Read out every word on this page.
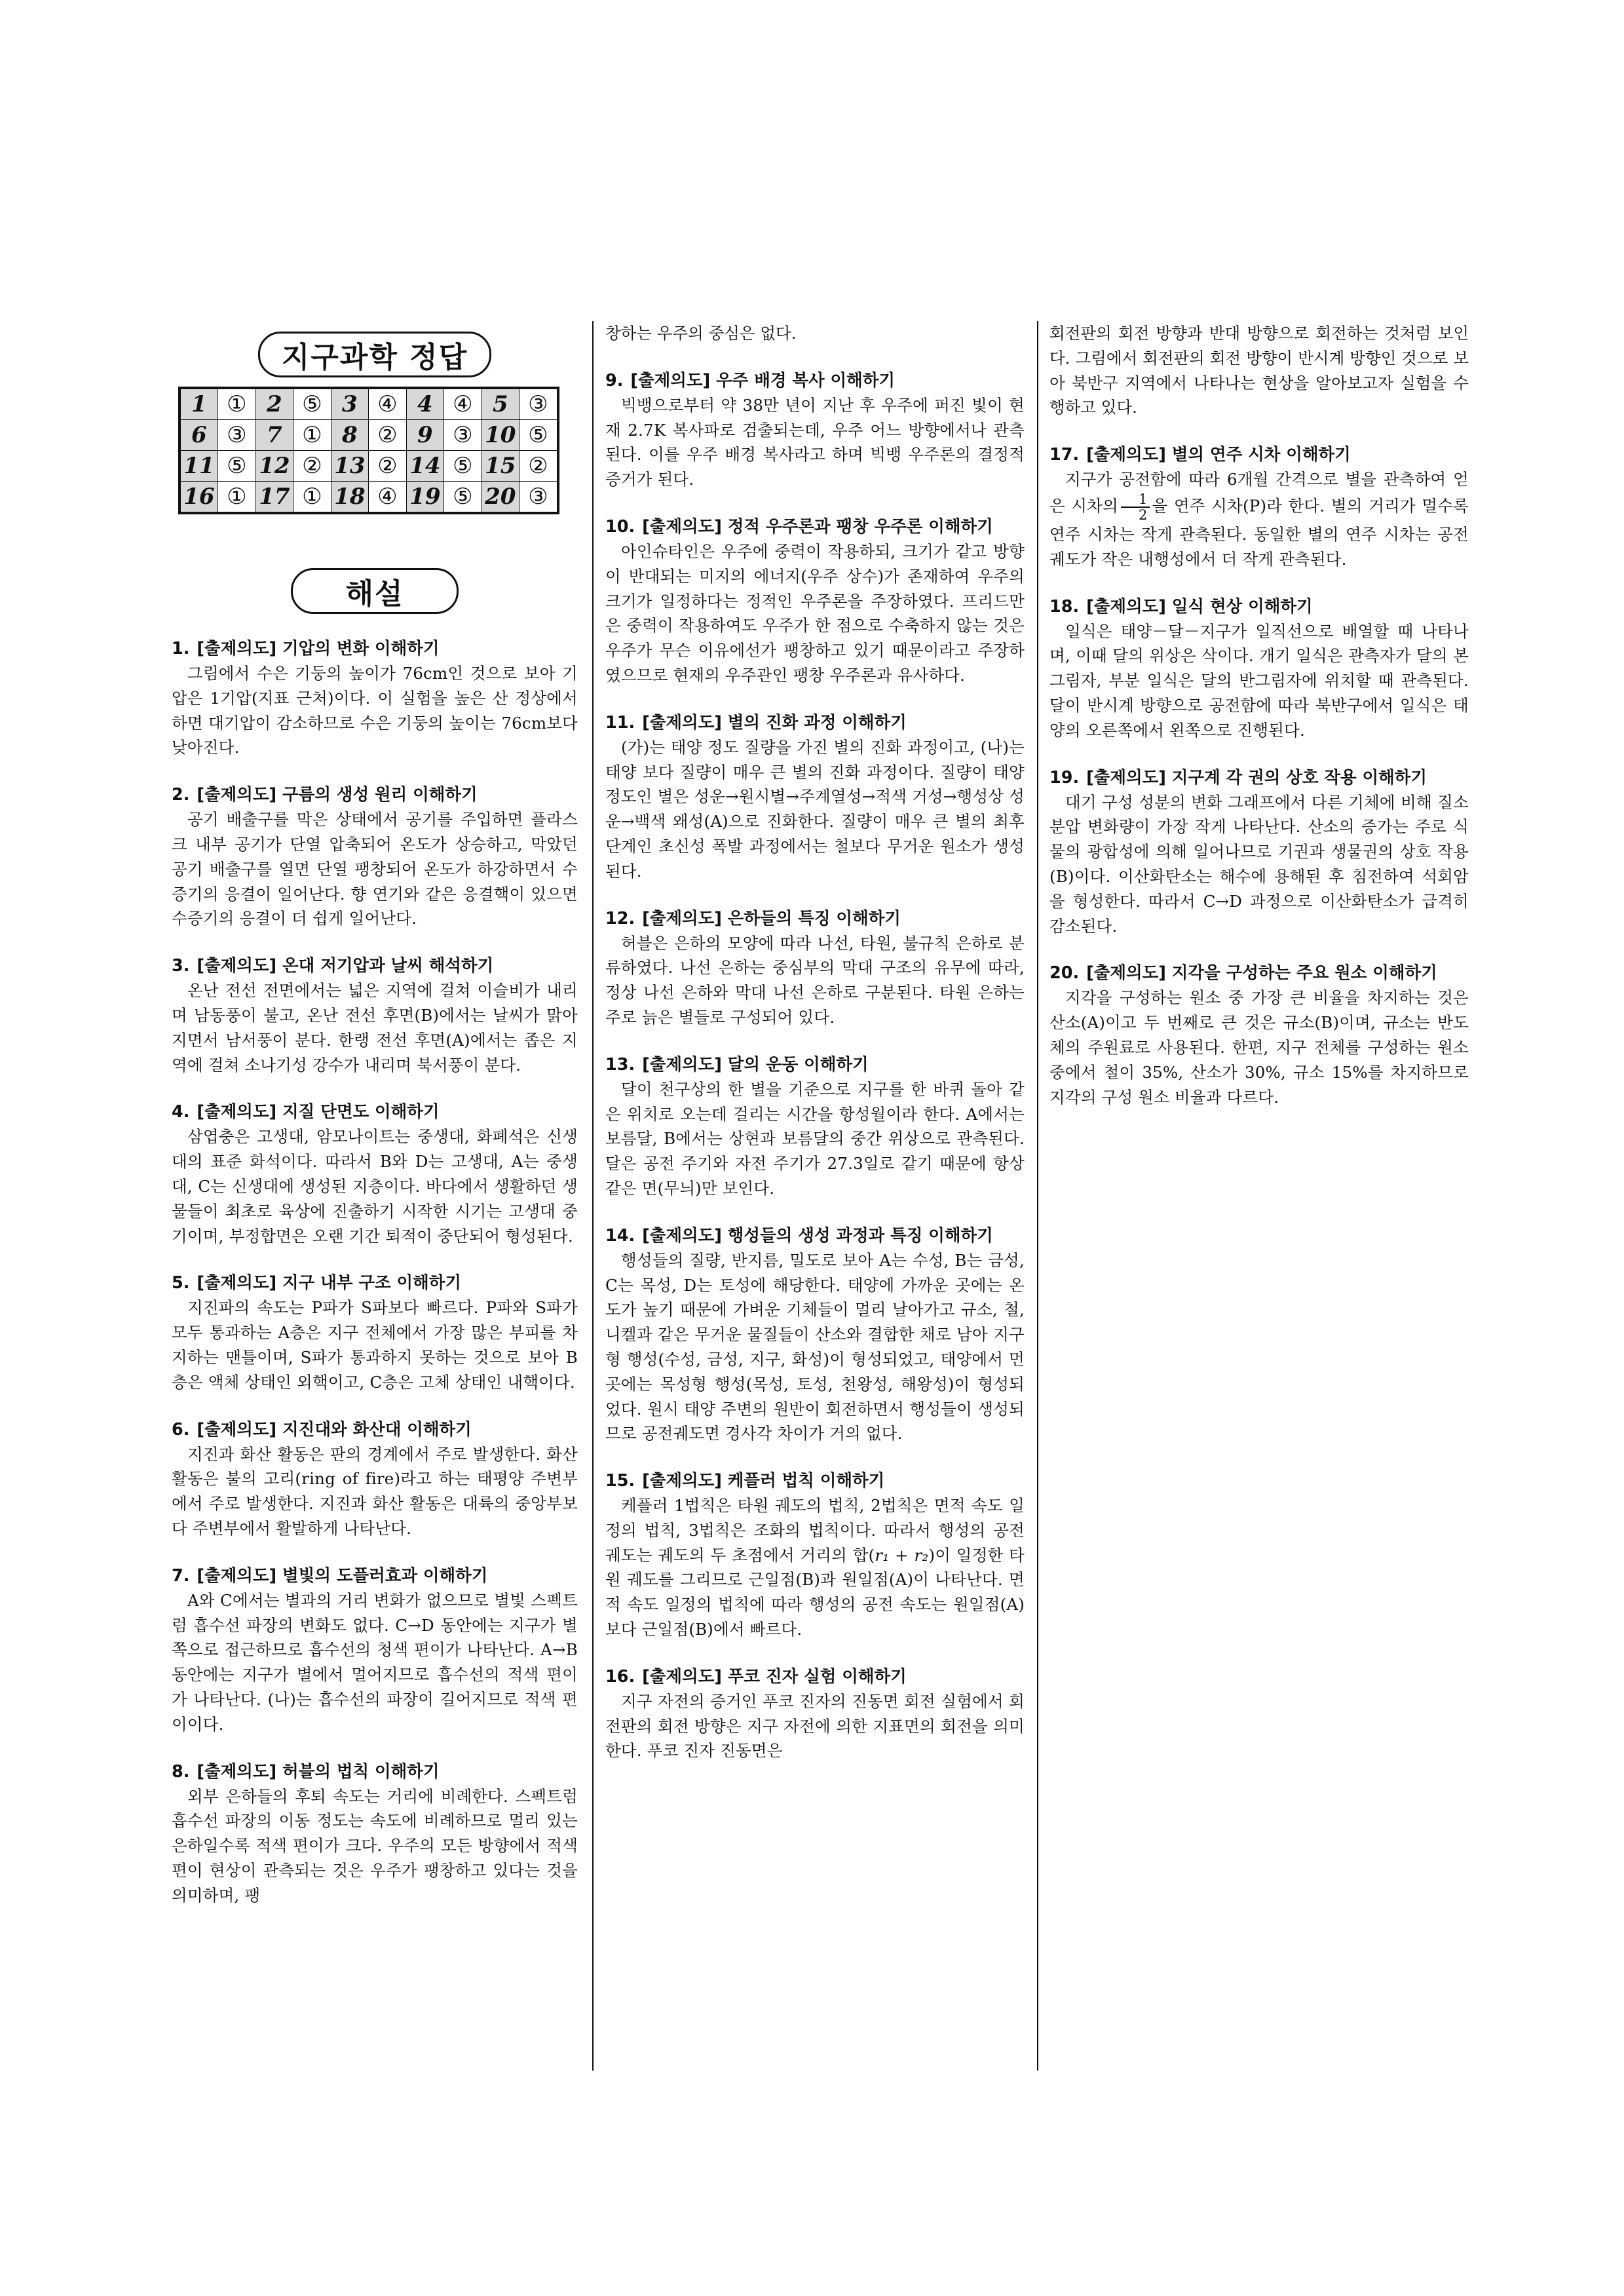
지구과학 정답
1	①	2	⑤	3	④	4	④	5	③
6	③	7	①	8	②	9	③	10	⑤
11	⑤	12	②	13	②	14	⑤	15	②
16	①	17	①	18	④	19	⑤	20	③
해설
1. [출제의도] 기압의 변화 이해하기
그림에서 수은 기둥의 높이가 76cm인 것으로 보아 기압은 1기압(지표 근처)이다. 이 실험을 높은 산 정상에서 하면 대기압이 감소하므로 수은 기둥의 높이는 76cm보다 낮아진다.
2. [출제의도] 구름의 생성 원리 이해하기
공기 배출구를 막은 상태에서 공기를 주입하면 플라스크 내부 공기가 단열 압축되어 온도가 상승하고, 막았던 공기 배출구를 열면 단열 팽창되어 온도가 하강하면서 수증기의 응결이 일어난다. 향 연기와 같은 응결핵이 있으면 수증기의 응결이 더 쉽게 일어난다.
3. [출제의도] 온대 저기압과 날씨 해석하기
온난 전선 전면에서는 넓은 지역에 걸쳐 이슬비가 내리며 남동풍이 불고, 온난 전선 후면(B)에서는 날씨가 맑아지면서 남서풍이 분다. 한랭 전선 후면(A)에서는 좁은 지역에 걸쳐 소나기성 강수가 내리며 북서풍이 분다.
4. [출제의도] 지질 단면도 이해하기
삼엽충은 고생대, 암모나이트는 중생대, 화폐석은 신생대의 표준 화석이다. 따라서 B와 D는 고생대, A는 중생대, C는 신생대에 생성된 지층이다. 바다에서 생활하던 생물들이 최초로 육상에 진출하기 시작한 시기는 고생대 중기이며, 부정합면은 오랜 기간 퇴적이 중단되어 형성된다.
5. [출제의도] 지구 내부 구조 이해하기
지진파의 속도는 P파가 S파보다 빠르다. P파와 S파가 모두 통과하는 A층은 지구 전체에서 가장 많은 부피를 차지하는 맨틀이며, S파가 통과하지 못하는 것으로 보아 B층은 액체 상태인 외핵이고, C층은 고체 상태인 내핵이다.
6. [출제의도] 지진대와 화산대 이해하기
지진과 화산 활동은 판의 경계에서 주로 발생한다. 화산 활동은 불의 고리(ring of fire)라고 하는 태평양 주변부에서 주로 발생한다. 지진과 화산 활동은 대륙의 중앙부보다 주변부에서 활발하게 나타난다.
7. [출제의도] 별빛의 도플러효과 이해하기
A와 C에서는 별과의 거리 변화가 없으므로 별빛 스펙트럼 흡수선 파장의 변화도 없다. C→D 동안에는 지구가 별 쪽으로 접근하므로 흡수선의 청색 편이가 나타난다. A→B 동안에는 지구가 별에서 멀어지므로 흡수선의 적색 편이가 나타난다. (나)는 흡수선의 파장이 길어지므로 적색 편이이다.
8. [출제의도] 허블의 법칙 이해하기
외부 은하들의 후퇴 속도는 거리에 비례한다. 스펙트럼 흡수선 파장의 이동 정도는 속도에 비례하므로 멀리 있는 은하일수록 적색 편이가 크다. 우주의 모든 방향에서 적색 편이 현상이 관측되는 것은 우주가 팽창하고 있다는 것을 의미하며, 팽
창하는 우주의 중심은 없다.
9. [출제의도] 우주 배경 복사 이해하기
빅뱅으로부터 약 38만 년이 지난 후 우주에 퍼진 빛이 현재 2.7K 복사파로 검출되는데, 우주 어느 방향에서나 관측된다. 이를 우주 배경 복사라고 하며 빅뱅 우주론의 결정적 증거가 된다.
10. [출제의도] 정적 우주론과 팽창 우주론 이해하기
아인슈타인은 우주에 중력이 작용하되, 크기가 같고 방향이 반대되는 미지의 에너지(우주 상수)가 존재하여 우주의 크기가 일정하다는 정적인 우주론을 주장하였다. 프리드만은 중력이 작용하여도 우주가 한 점으로 수축하지 않는 것은 우주가 무슨 이유에선가 팽창하고 있기 때문이라고 주장하였으므로 현재의 우주관인 팽창 우주론과 유사하다.
11. [출제의도] 별의 진화 과정 이해하기
(가)는 태양 정도 질량을 가진 별의 진화 과정이고, (나)는 태양 보다 질량이 매우 큰 별의 진화 과정이다. 질량이 태양 정도인 별은 성운→원시별→주계열성→적색 거성→행성상 성운→백색 왜성(A)으로 진화한다. 질량이 매우 큰 별의 최후 단계인 초신성 폭발 과정에서는 철보다 무거운 원소가 생성된다.
12. [출제의도] 은하들의 특징 이해하기
허블은 은하의 모양에 따라 나선, 타원, 불규칙 은하로 분류하였다. 나선 은하는 중심부의 막대 구조의 유무에 따라, 정상 나선 은하와 막대 나선 은하로 구분된다. 타원 은하는 주로 늙은 별들로 구성되어 있다.
13. [출제의도] 달의 운동 이해하기
달이 천구상의 한 별을 기준으로 지구를 한 바퀴 돌아 같은 위치로 오는데 걸리는 시간을 항성월이라 한다. A에서는 보름달, B에서는 상현과 보름달의 중간 위상으로 관측된다. 달은 공전 주기와 자전 주기가 27.3일로 같기 때문에 항상 같은 면(무늬)만 보인다.
14. [출제의도] 행성들의 생성 과정과 특징 이해하기
행성들의 질량, 반지름, 밀도로 보아 A는 수성, B는 금성, C는 목성, D는 토성에 해당한다. 태양에 가까운 곳에는 온도가 높기 때문에 가벼운 기체들이 멀리 날아가고 규소, 철, 니켈과 같은 무거운 물질들이 산소와 결합한 채로 남아 지구형 행성(수성, 금성, 지구, 화성)이 형성되었고, 태양에서 먼 곳에는 목성형 행성(목성, 토성, 천왕성, 해왕성)이 형성되었다. 원시 태양 주변의 원반이 회전하면서 행성들이 생성되므로 공전궤도면 경사각 차이가 거의 없다.
15. [출제의도] 케플러 법칙 이해하기
케플러 1법칙은 타원 궤도의 법칙, 2법칙은 면적 속도 일정의 법칙, 3법칙은 조화의 법칙이다. 따라서 행성의 공전 궤도는 궤도의 두 초점에서 거리의 합(r₁ + r₂)이 일정한 타원 궤도를 그리므로 근일점(B)과 원일점(A)이 나타난다. 면적 속도 일정의 법칙에 따라 행성의 공전 속도는 원일점(A)보다 근일점(B)에서 빠르다.
16. [출제의도] 푸코 진자 실험 이해하기
지구 자전의 증거인 푸코 진자의 진동면 회전 실험에서 회전판의 회전 방향은 지구 자전에 의한 지표면의 회전을 의미한다. 푸코 진자 진동면은
회전판의 회전 방향과 반대 방향으로 회전하는 것처럼 보인다. 그림에서 회전판의 회전 방향이 반시계 방향인 것으로 보아 북반구 지역에서 나타나는 현상을 알아보고자 실험을 수행하고 있다.
17. [출제의도] 별의 연주 시차 이해하기
지구가 공전함에 따라 6개월 간격으로 별을 관측하여 얻은 시차의 $\frac{1}{2}$ 을 연주 시차(P)라 한다. 별의 거리가 멀수록 연주 시차는 작게 관측된다. 동일한 별의 연주 시차는 공전 궤도가 작은 내행성에서 더 작게 관측된다.
18. [출제의도] 일식 현상 이해하기
일식은 태양－달－지구가 일직선으로 배열할 때 나타나며, 이때 달의 위상은 삭이다. 개기 일식은 관측자가 달의 본그림자, 부분 일식은 달의 반그림자에 위치할 때 관측된다. 달이 반시계 방향으로 공전함에 따라 북반구에서 일식은 태양의 오른쪽에서 왼쪽으로 진행된다.
19. [출제의도] 지구계 각 권의 상호 작용 이해하기
대기 구성 성분의 변화 그래프에서 다른 기체에 비해 질소 분압 변화량이 가장 작게 나타난다. 산소의 증가는 주로 식물의 광합성에 의해 일어나므로 기권과 생물권의 상호 작용(B)이다. 이산화탄소는 해수에 용해된 후 침전하여 석회암을 형성한다. 따라서 C→D 과정으로 이산화탄소가 급격히 감소된다.
20. [출제의도] 지각을 구성하는 주요 원소 이해하기
지각을 구성하는 원소 중 가장 큰 비율을 차지하는 것은 산소(A)이고 두 번째로 큰 것은 규소(B)이며, 규소는 반도체의 주원료로 사용된다. 한편, 지구 전체를 구성하는 원소 중에서 철이 35%, 산소가 30%, 규소 15%를 차지하므로 지각의 구성 원소 비율과 다르다.
